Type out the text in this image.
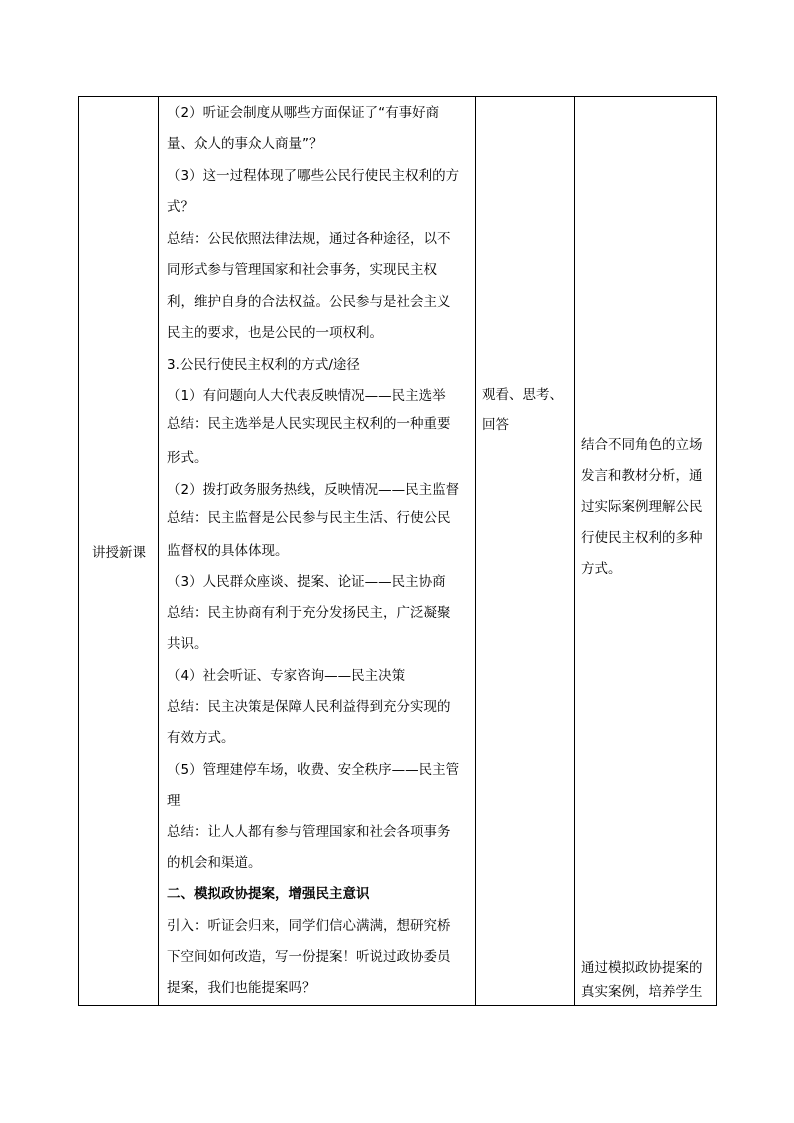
讲授新课
（2）听证会制度从哪些方面保证了“有事好商
量、众人的事众人商量”？
（3）这一过程体现了哪些公民行使民主权利的方
式？
总结：公民依照法律法规，通过各种途径，以不
同形式参与管理国家和社会事务，实现民主权
利，维护自身的合法权益。公民参与是社会主义
民主的要求，也是公民的一项权利。
3.公民行使民主权利的方式/途径
（1）有问题向人大代表反映情况——民主选举
总结：民主选举是人民实现民主权利的一种重要
形式。
（2）拨打政务服务热线，反映情况——民主监督
总结：民主监督是公民参与民主生活、行使公民
监督权的具体体现。
（3）人民群众座谈、提案、论证——民主协商
总结：民主协商有利于充分发扬民主，广泛凝聚
共识。
（4）社会听证、专家咨询——民主决策
总结：民主决策是保障人民利益得到充分实现的
有效方式。
（5）管理建停车场，收费、安全秩序——民主管
理
总结：让人人都有参与管理国家和社会各项事务
的机会和渠道。
二、模拟政协提案，增强民主意识
引入：听证会归来，同学们信心满满，想研究桥
下空间如何改造，写一份提案！听说过政协委员
提案，我们也能提案吗？
观看、思考、
回答
结合不同角色的立场
发言和教材分析，通
过实际案例理解公民
行使民主权利的多种
方式。
通过模拟政协提案的
真实案例，培养学生
